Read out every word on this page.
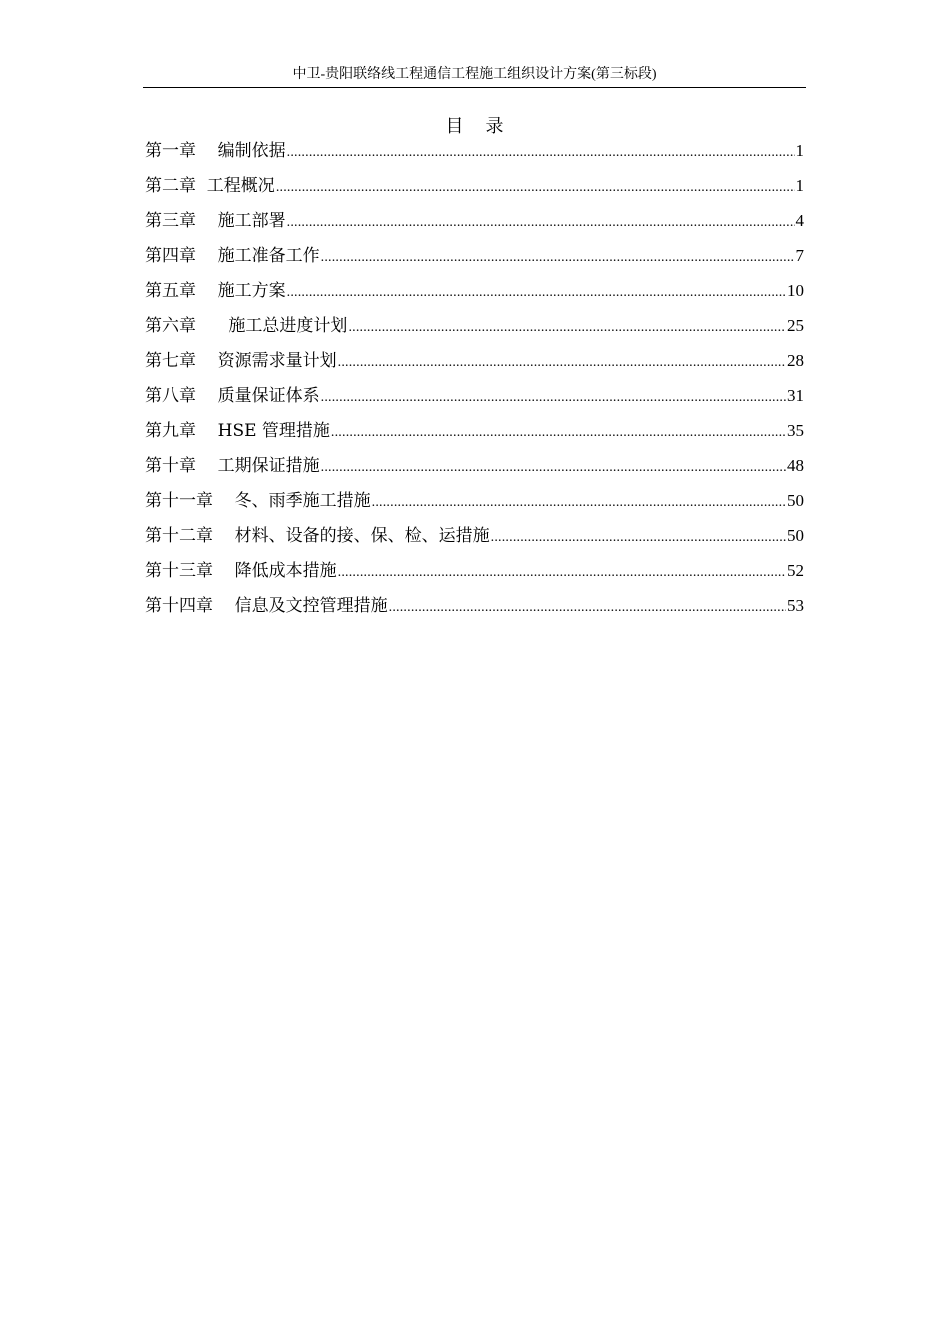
中卫-贵阳联络线工程通信工程施工组织设计方案(第三标段)
目录
第一章    编制依据 .....	1
第二章  工程概况 .....	1
第三章    施工部署 .....	4
第四章    施工准备工作 .....	7
第五章    施工方案 .....	10
第六章      施工总进度计划 .....	25
第七章    资源需求量计划 .....	28
第八章    质量保证体系 .....	31
第九章    HSE 管理措施 .....	35
第十章    工期保证措施 .....	48
第十一章    冬、雨季施工措施 .....	50
第十二章    材料、设备的接、保、检、运措施 .....	50
第十三章    降低成本措施 .....	52
第十四章    信息及文控管理措施 .....	53
